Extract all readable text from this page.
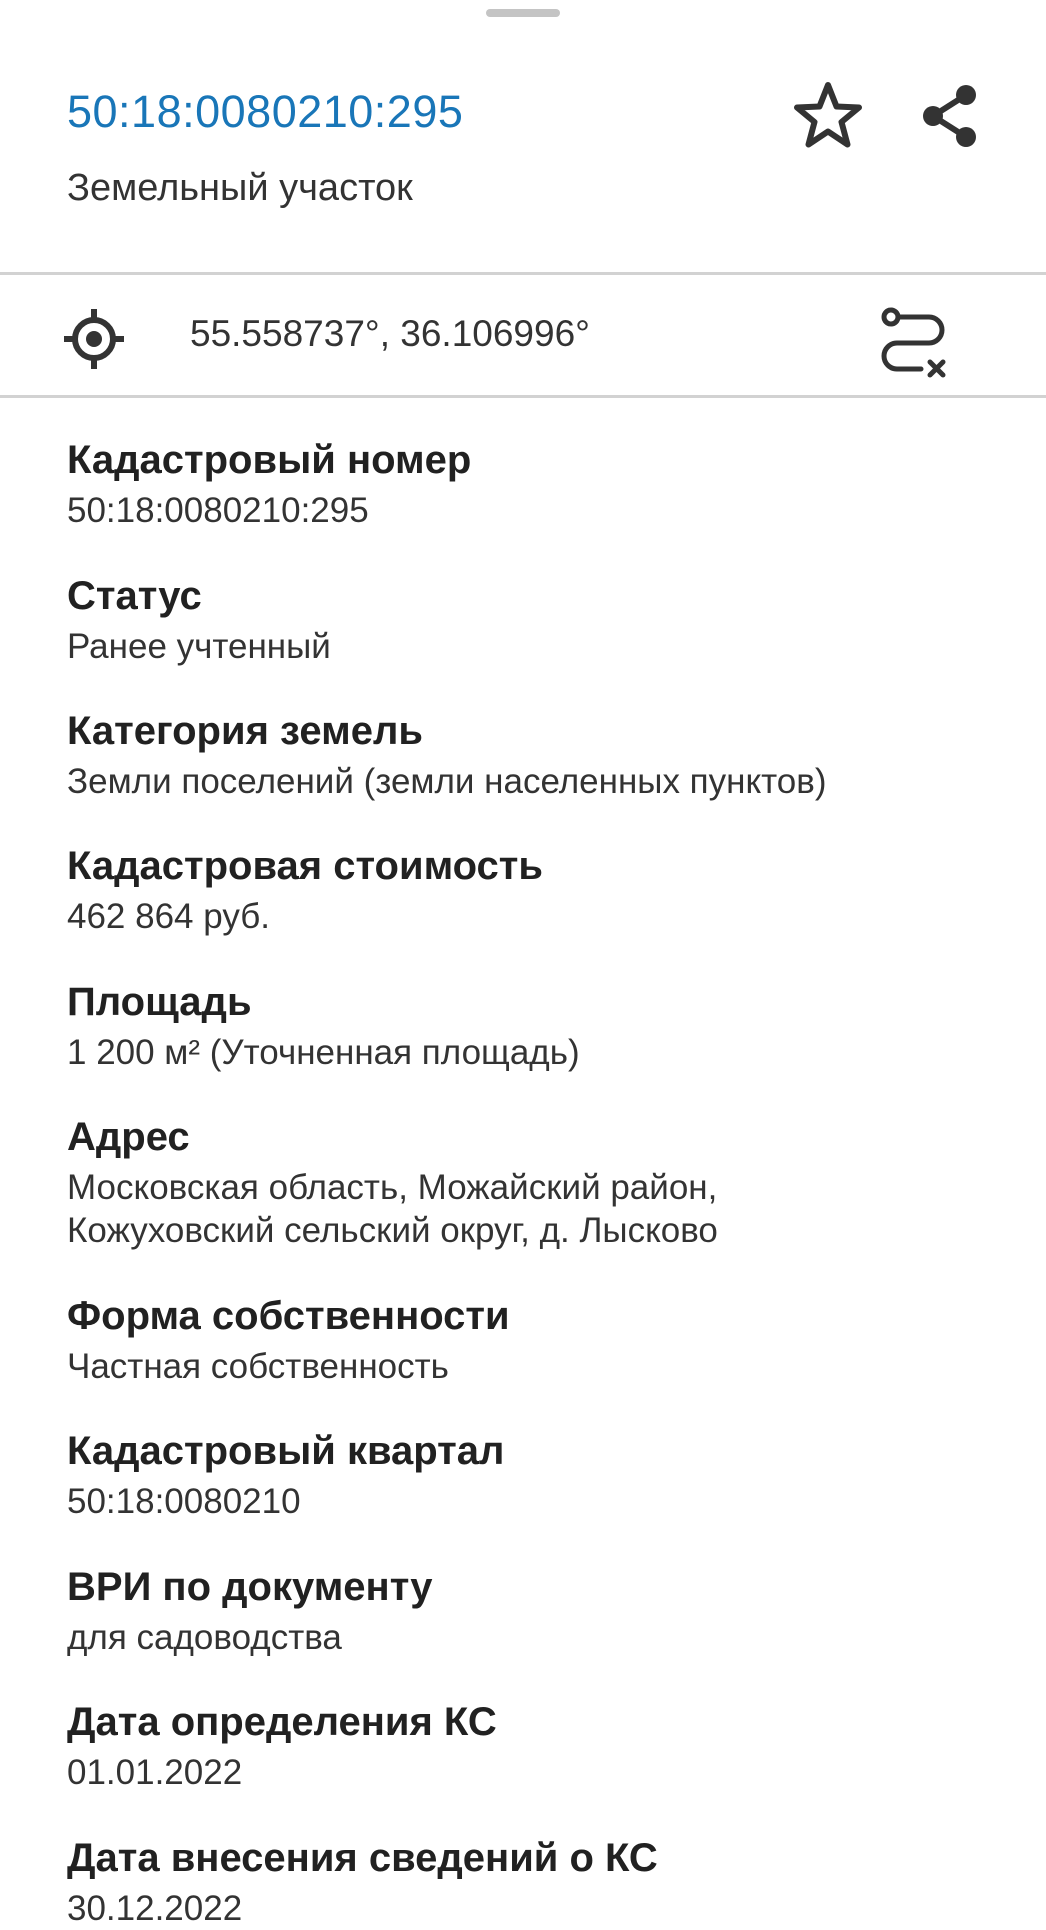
50:18:0080210:295
Земельный участок
55.558737°, 36.106996°
Кадастровый номер
50:18:0080210:295
Статус
Ранее учтенный
Категория земель
Земли поселений (земли населенных пунктов)
Кадастровая стоимость
462 864 руб.
Площадь
1 200 м² (Уточненная площадь)
Адрес
Московская область, Можайский район,
Кожуховский сельский округ, д. Лысково
Форма собственности
Частная собственность
Кадастровый квартал
50:18:0080210
ВРИ по документу
для садоводства
Дата определения КС
01.01.2022
Дата внесения сведений о КС
30.12.2022
